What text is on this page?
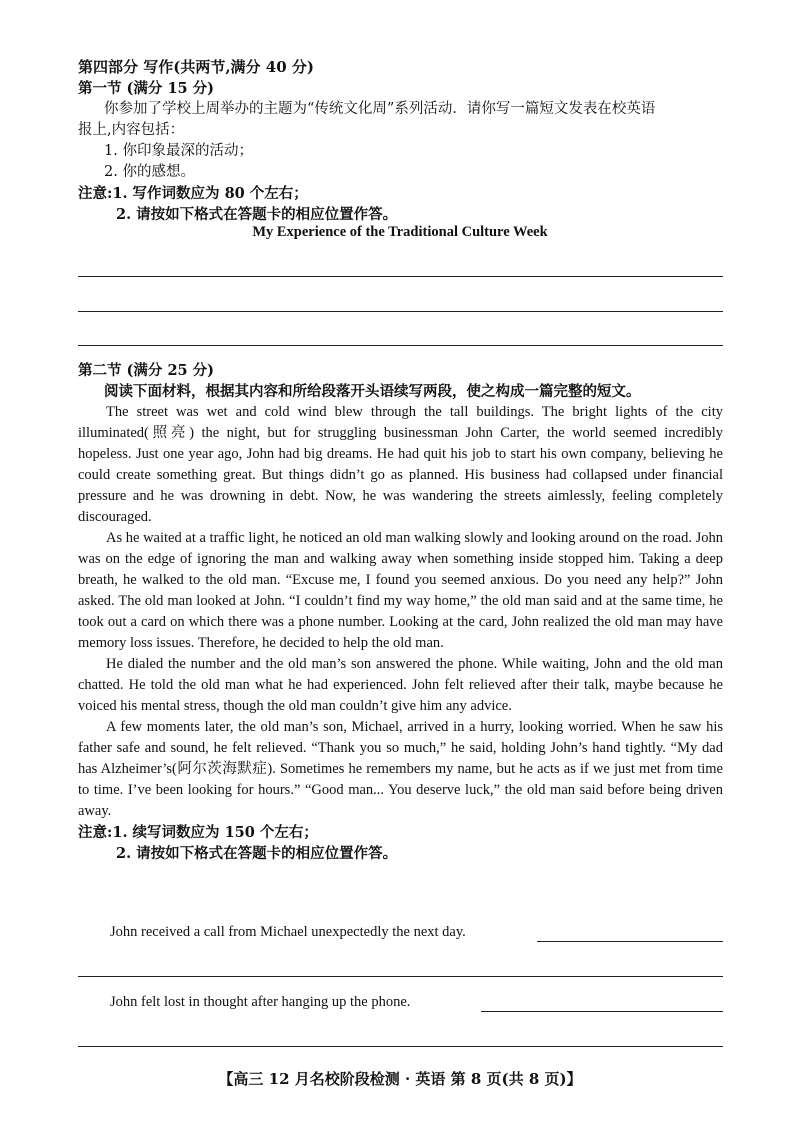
第四部分 写作(共两节,满分 40 分)
第一节 (满分 15 分)
你参加了学校上周举办的主题为“传统文化周”系列活动．请你写一篇短文发表在校英语
报上,内容包括：
1. 你印象最深的活动；
2. 你的感想。
注意:1. 写作词数应为 80 个左右；
2. 请按如下格式在答题卡的相应位置作答。
My Experience of the Traditional Culture Week
第二节 (满分 25 分)
阅读下面材料，根据其内容和所给段落开头语续写两段，使之构成一篇完整的短文。

The street was wet and cold wind blew through the tall buildings. The bright lights of the city illuminated(照亮) the night, but for struggling businessman John Carter, the world seemed incredibly hopeless. Just one year ago, John had big dreams. He had quit his job to start his own company, believing he could create something great. But things didn’t go as planned. His business had collapsed under financial pressure and he was drowning in debt. Now, he was wandering the streets aimlessly, feeling completely discouraged.

As he waited at a traffic light, he noticed an old man walking slowly and looking around on the road. John was on the edge of ignoring the man and walking away when something inside stopped him. Taking a deep breath, he walked to the old man. “Excuse me, I found you seemed anxious. Do you need any help?” John asked. The old man looked at John. “I couldn’t find my way home,” the old man said and at the same time, he took out a card on which there was a phone number. Looking at the card, John realized the old man may have memory loss issues. Therefore, he decided to help the old man.

He dialed the number and the old man’s son answered the phone. While waiting, John and the old man chatted. He told the old man what he had experienced. John felt relieved after their talk, maybe because he voiced his mental stress, though the old man couldn’t give him any advice.

A few moments later, the old man’s son, Michael, arrived in a hurry, looking worried. When he saw his father safe and sound, he felt relieved. “Thank you so much,” he said, holding John’s hand tightly. “My dad has Alzheimer’s(阿尔茨海默症). Sometimes he remembers my name, but he acts as if we just met from time to time. I’ve been looking for hours.” “Good man... You deserve luck,” the old man said before being driven away.

注意:1. 续写词数应为 150 个左右；
2. 请按如下格式在答题卡的相应位置作答。
John received a call from Michael unexpectedly the next day.
John felt lost in thought after hanging up the phone.
【高三 12 月名校阶段检测 · 英语 第 8 页(共 8 页)】
